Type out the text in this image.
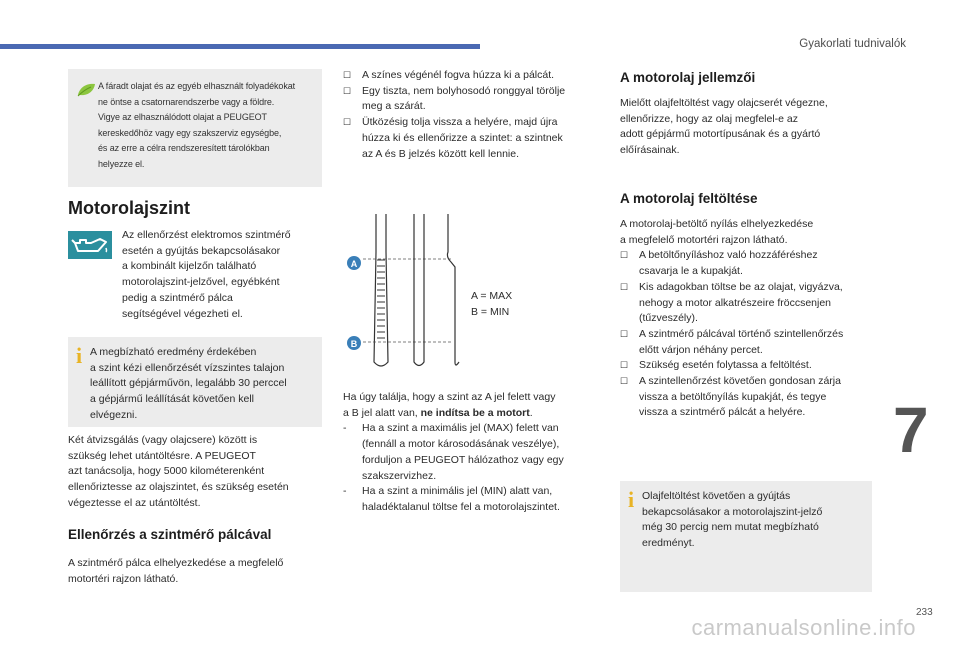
Gyakorlati tudnivalók

A fáradt olajat és az egyéb elhasznált folyadékokat

ne öntse a csatornarendszerbe vagy a földre.

Vigye az elhasználódott olajat a PEUGEOT

kereskedőhöz vagy egy szakszerviz egységbe,

és az erre a célra rendszeresített tárolókban

helyezze el.

Motorolajszint
Az ellenőrzést elektromos szintmérő
esetén a gyújtás bekapcsolásakor
a kombinált kijelzőn található
motorolajszint-jelzővel, egyébként
pedig a szintmérő pálca
segítségével végezheti el.
i A megbízható eredmény érdekében
a szint kézi ellenőrzését vízszintes talajon
leállított gépjárművön, legalább 30 perccel
a gépjármű leállítását követően kell
elvégezni.
Két átvizsgálás (vagy olajcsere) között is
szükség lehet utántöltésre. A PEUGEOT
azt tanácsolja, hogy 5000 kilométerenként
ellenőriztesse az olajszintet, és szükség esetén
végeztesse el az utántöltést.
Ellenőrzés a szintmérő pálcával
A szintmérő pálca elhelyezkedése a megfelelő
motortéri rajzon látható.
☐ A színes végénél fogva húzza ki a pálcát.
☐ Egy tiszta, nem bolyhosodó ronggyal törölje
meg a szárát.
☐ Ütközésig tolja vissza a helyére, majd újra
húzza ki és ellenőrizze a szintet: a szintnek
az A és B jelzés között kell lennie.
A
B
A = MAX
B = MIN
Ha úgy találja, hogy a szint az A jel felett vagy
a B jel alatt van, ne indítsa be a motort.
- Ha a szint a maximális jel (MAX) felett van
(fennáll a motor károsodásának veszélye),
forduljon a PEUGEOT hálózathoz vagy egy
szakszervizhez.
- Ha a szint a minimális jel (MIN) alatt van,
haladéktalanul töltse fel a motorolajszintet.
A motorolaj jellemzői
Mielőtt olajfeltöltést vagy olajcserét végezne,
ellenőrizze, hogy az olaj megfelel-e az
adott gépjármű motortípusának és a gyártó
előírásainak.
A motorolaj feltöltése
A motorolaj-betöltő nyílás elhelyezkedése
a megfelelő motortéri rajzon látható.
☐ A betöltőnyíláshoz való hozzáféréshez
csavarja le a kupakját.
☐ Kis adagokban töltse be az olajat, vigyázva,
nehogy a motor alkatrészeire fröccsenjen
(tűzveszély).
☐ A szintmérő pálcával történő szintellenőrzés
előtt várjon néhány percet.
☐ Szükség esetén folytassa a feltöltést.
☐ A szintellenőrzést követően gondosan zárja
vissza a betöltőnyílás kupakját, és tegye
vissza a szintmérő pálcát a helyére.
i Olajfeltöltést követően a gyújtás
bekapcsolásakor a motorolajszint-jelző
még 30 percig nem mutat megbízható
eredményt.
7
233
carmanualsonline.info
